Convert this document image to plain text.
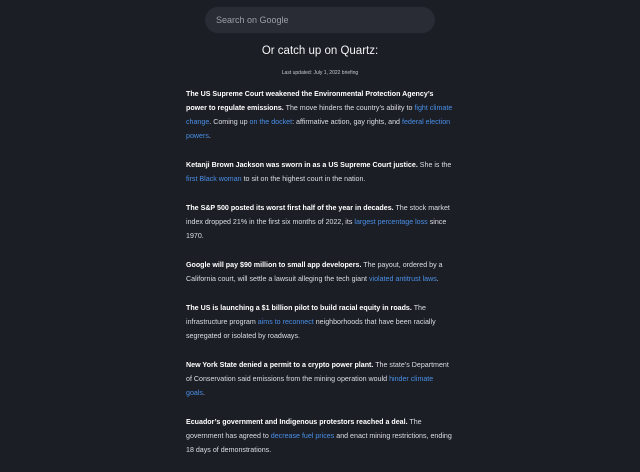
Search on Google
Or catch up on Quartz:
Last updated: July 1, 2022 briefing

The US Supreme Court weakened the Environmental Protection Agency’s power to regulate emissions. The move hinders the country’s ability to fight climate change. Coming up on the docket: affirmative action, gay rights, and federal election powers.

Ketanji Brown Jackson was sworn in as a US Supreme Court justice. She is the first Black woman to sit on the highest court in the nation.

The S&P 500 posted its worst first half of the year in decades. The stock market index dropped 21% in the first six months of 2022, its largest percentage loss since 1970.

Google will pay $90 million to small app developers. The payout, ordered by a California court, will settle a lawsuit alleging the tech giant violated antitrust laws.

The US is launching a $1 billion pilot to build racial equity in roads. The infrastructure program aims to reconnect neighborhoods that have been racially segregated or isolated by roadways.

New York State denied a permit to a crypto power plant. The state’s Department of Conservation said emissions from the mining operation would hinder climate goals.

Ecuador’s government and Indigenous protestors reached a deal. The government has agreed to decrease fuel prices and enact mining restrictions, ending 18 days of demonstrations.
